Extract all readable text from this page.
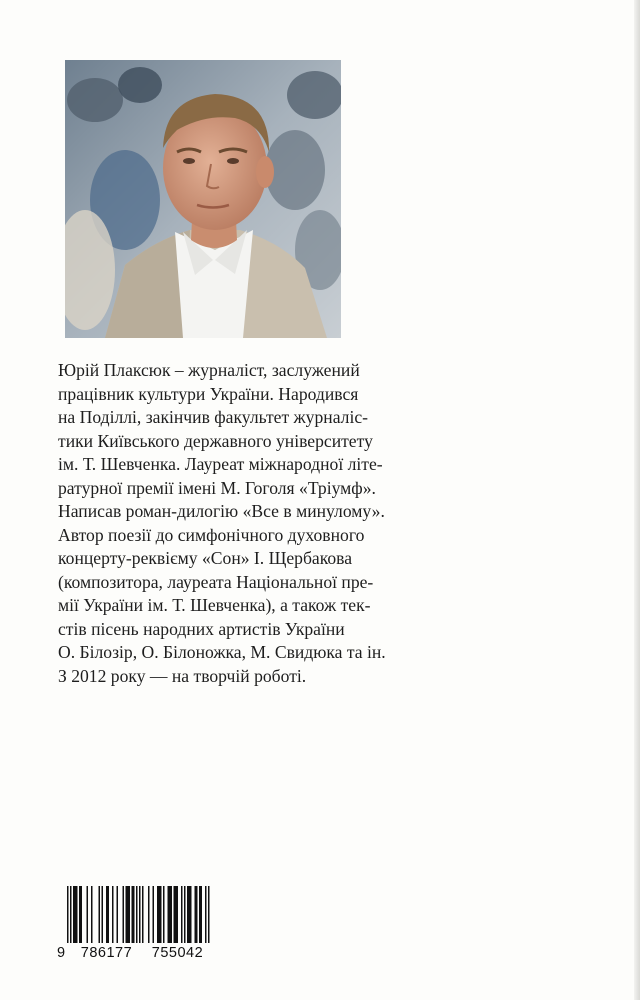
Юрій Плаксюк – журналіст, заслужений
працівник культури України. Народився
на Поділлі, закінчив факультет журналіс-
тики Київського державного університету
ім. Т. Шевченка. Лауреат міжнародної літе-
ратурної премії імені М. Гоголя «Тріумф».
Написав роман-дилогію «Все в минулому».
Автор поезії до симфонічного духовного
концерту-реквієму «Сон» І. Щербакова
(композитора, лауреата Національної пре-
мії України ім. Т. Шевченка), а також тек-
стів пісень народних артистів України
О. Білозір, О. Білоножка, М. Свидюка та ін.
З 2012 року — на творчій роботі.
9	786177	755042
